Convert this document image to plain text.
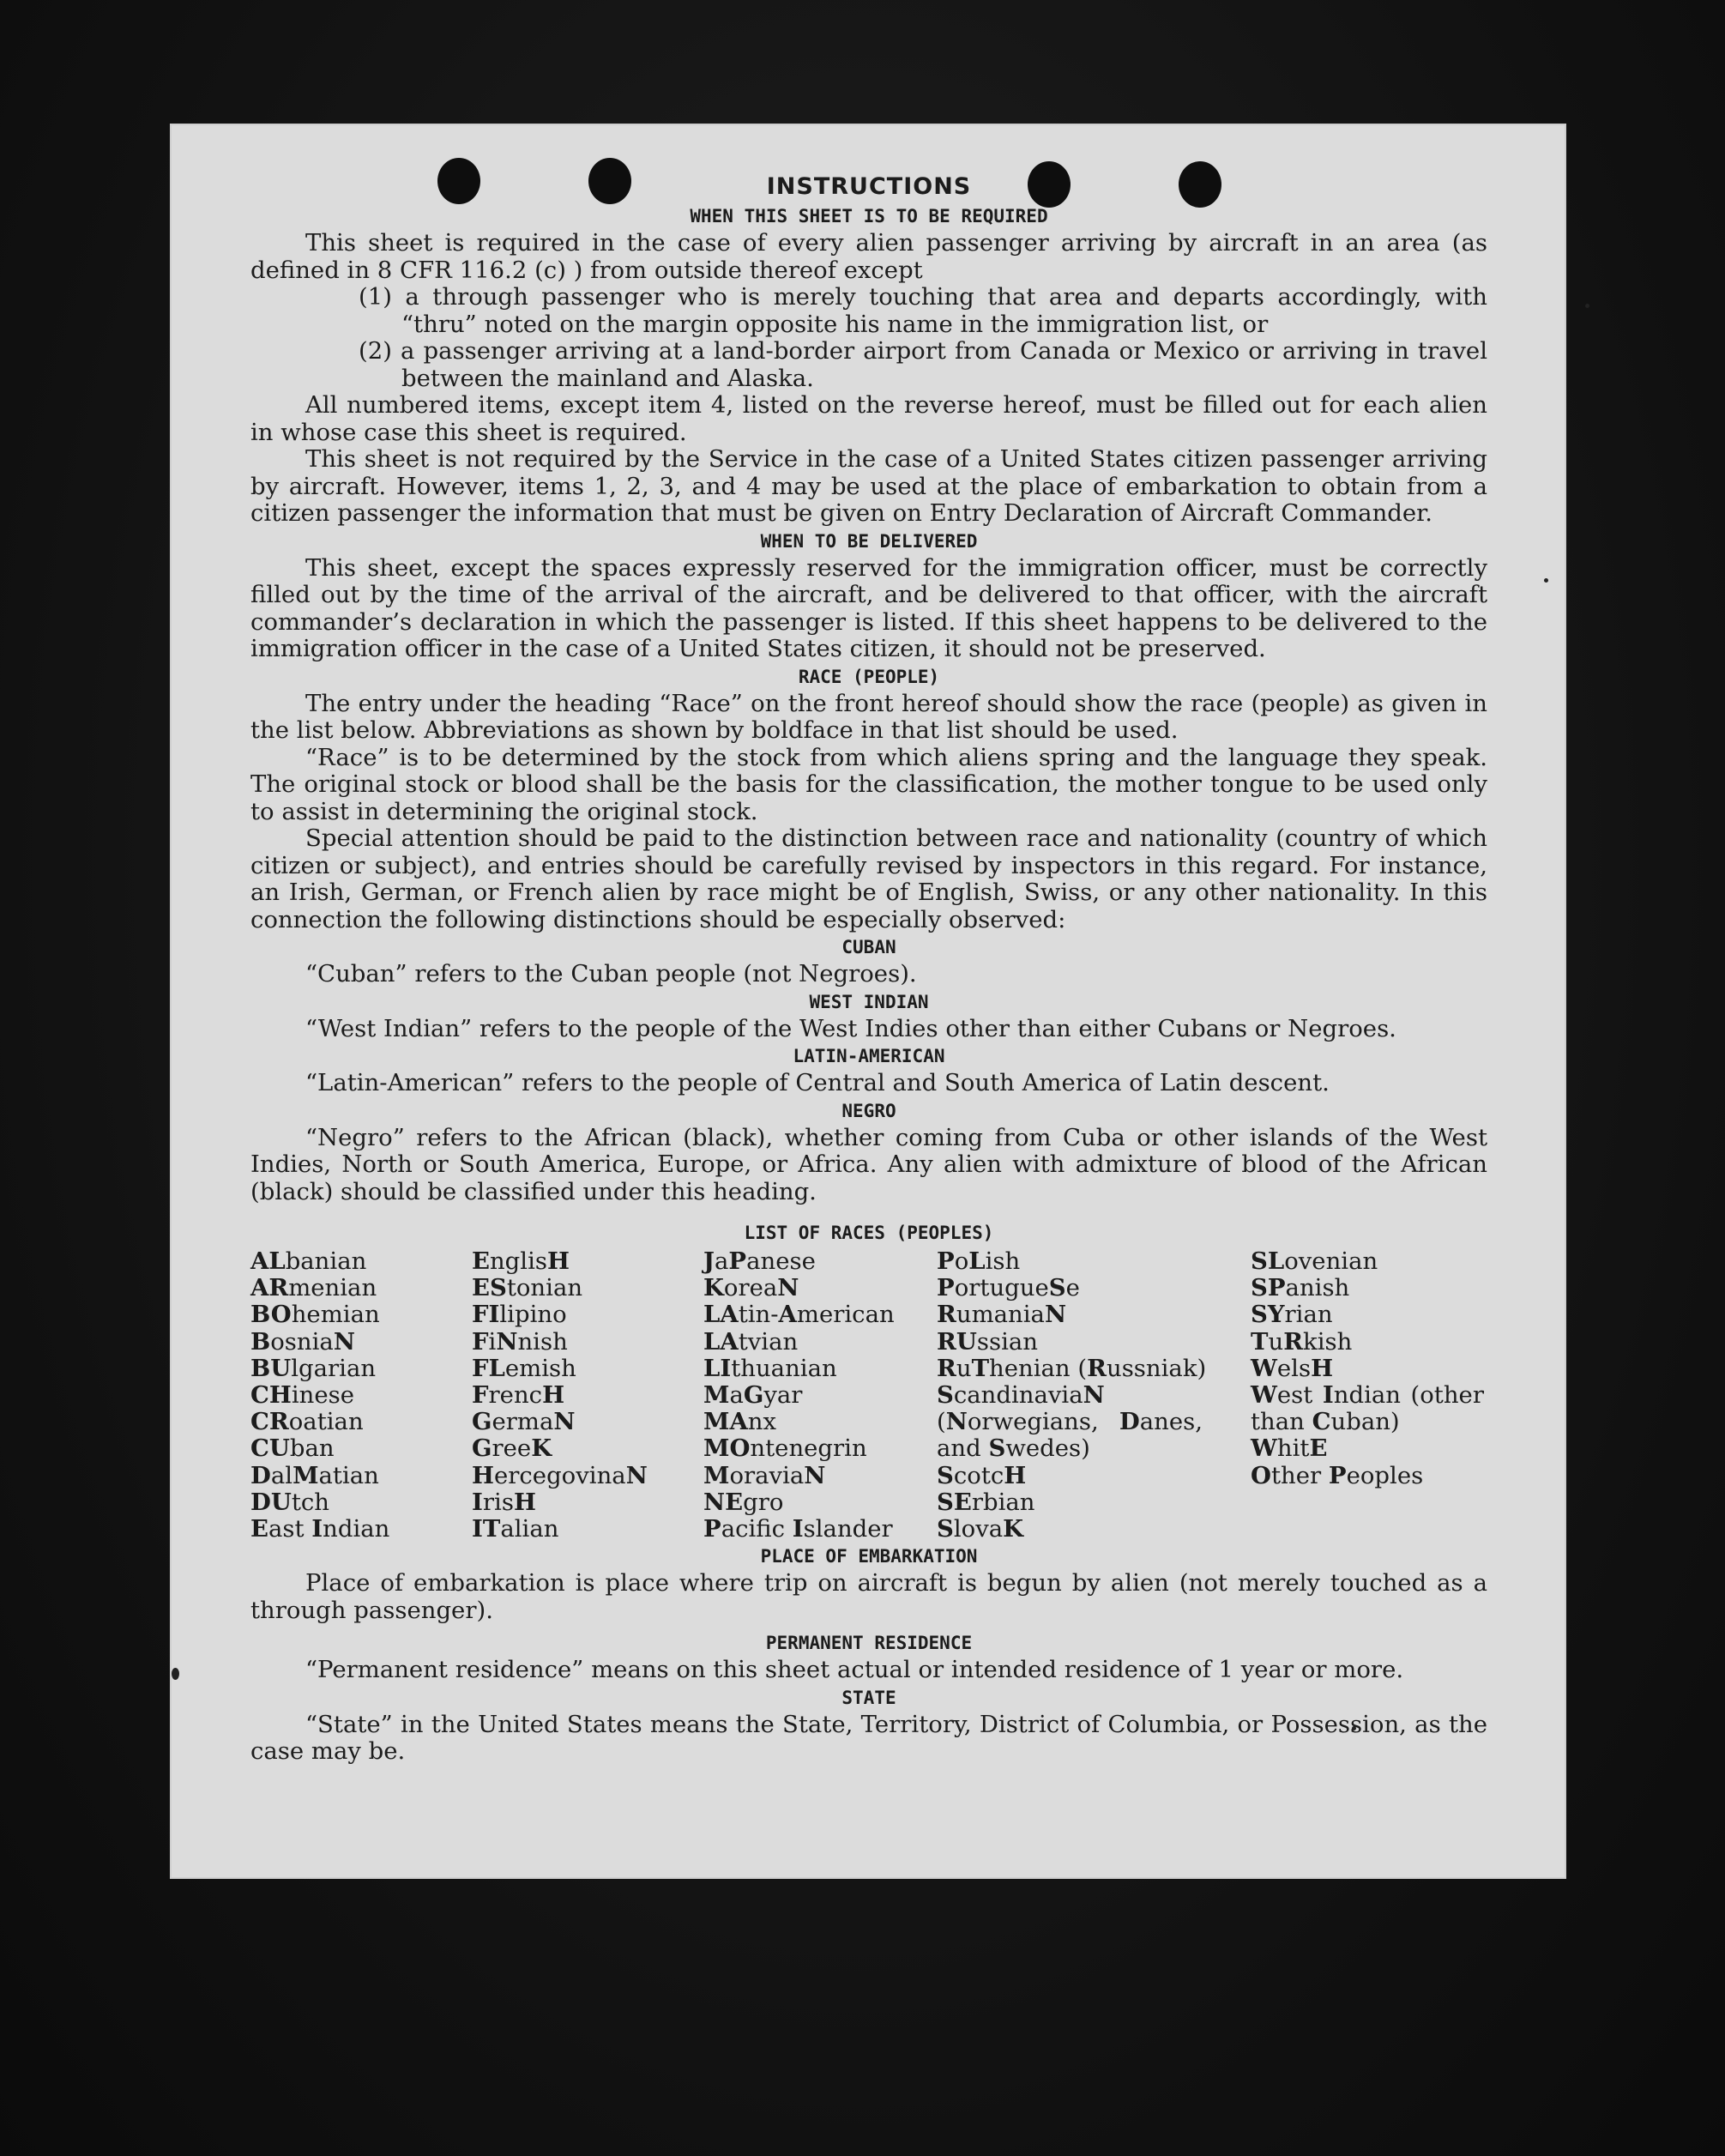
INSTRUCTIONS
WHEN THIS SHEET IS TO BE REQUIRED

This sheet is required in the case of every alien passenger arriving by aircraft in an area (as defined in 8 CFR 116.2 (c) ) from outside thereof except

(1) a through passenger who is merely touching that area and departs accordingly, with “thru” noted on the margin opposite his name in the immigration list, or

(2) a passenger arriving at a land-border airport from Canada or Mexico or arriving in travel between the mainland and Alaska.

All numbered items, except item 4, listed on the reverse hereof, must be filled out for each alien in whose case this sheet is required.

This sheet is not required by the Service in the case of a United States citizen passenger arriving by aircraft. However, items 1, 2, 3, and 4 may be used at the place of embarkation to obtain from a citizen passenger the information that must be given on Entry Declaration of Aircraft Commander.

WHEN TO BE DELIVERED

This sheet, except the spaces expressly reserved for the immigration officer, must be correctly filled out by the time of the arrival of the aircraft, and be delivered to that officer, with the aircraft commander’s declaration in which the passenger is listed. If this sheet happens to be delivered to the immigration officer in the case of a United States citizen, it should not be preserved.

RACE (PEOPLE)

The entry under the heading “Race” on the front hereof should show the race (people) as given in the list below. Abbreviations as shown by boldface in that list should be used.

“Race” is to be determined by the stock from which aliens spring and the language they speak. The original stock or blood shall be the basis for the classification, the mother tongue to be used only to assist in determining the original stock.

Special attention should be paid to the distinction between race and nationality (country of which citizen or subject), and entries should be carefully revised by inspectors in this regard. For instance, an Irish, German, or French alien by race might be of English, Swiss, or any other nationality. In this connection the following distinctions should be especially observed:

CUBAN

“Cuban” refers to the Cuban people (not Negroes).

WEST INDIAN

“West Indian” refers to the people of the West Indies other than either Cubans or Negroes.

LATIN-AMERICAN

“Latin-American” refers to the people of Central and South America of Latin descent.

NEGRO

“Negro” refers to the African (black), whether coming from Cuba or other islands of the West Indies, North or South America, Europe, or Africa. Any alien with admixture of blood of the African (black) should be classified under this heading.

LIST OF RACES (PEOPLES)
ALbanian
ARmenian
BOhemian
BosniaN
BUlgarian
CHinese
CRoatian
CUban
DalMatian
DUtch
East Indian
EnglisH
EStonian
FIlipino
FiNnish
FLemish
FrencH
GermaN
GreeK
HercegovinaN
IrisH
ITalian
JaPanese
KoreaN
LAtin-American
LAtvian
LIthuanian
MaGyar
MAnx
MOntenegrin
MoraviaN
NEgro
Pacific Islander
PoLish
PortugueSe
RumaniaN
RUssian
RuThenian (Russniak)
ScandinaviaN (Norwegians, Danes, and Swedes)
ScotcH
SErbian
SlovaK
SLovenian
SPanish
SYrian
TuRkish
WelsH
West Indian (other than Cuban)
WhitE
Other Peoples
PLACE OF EMBARKATION

Place of embarkation is place where trip on aircraft is begun by alien (not merely touched as a through passenger).

PERMANENT RESIDENCE

“Permanent residence” means on this sheet actual or intended residence of 1 year or more.

STATE

“State” in the United States means the State, Territory, District of Columbia, or Possession, as the case may be.
